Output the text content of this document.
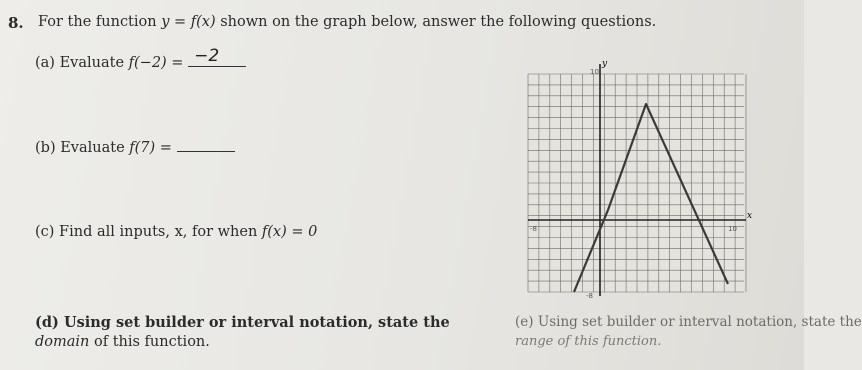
8. For the function y = f(x) shown on the graph below, answer the following questions.
(a) Evaluate f(−2) = −2
(b) Evaluate f(7) =
(c) Find all inputs, x, for when f(x) = 0
(d) Using set builder or interval notation, state the
domain of this function.
(e) Using set builder or interval notation, state the
range of this function.
y
x
10
-8	10
-8
